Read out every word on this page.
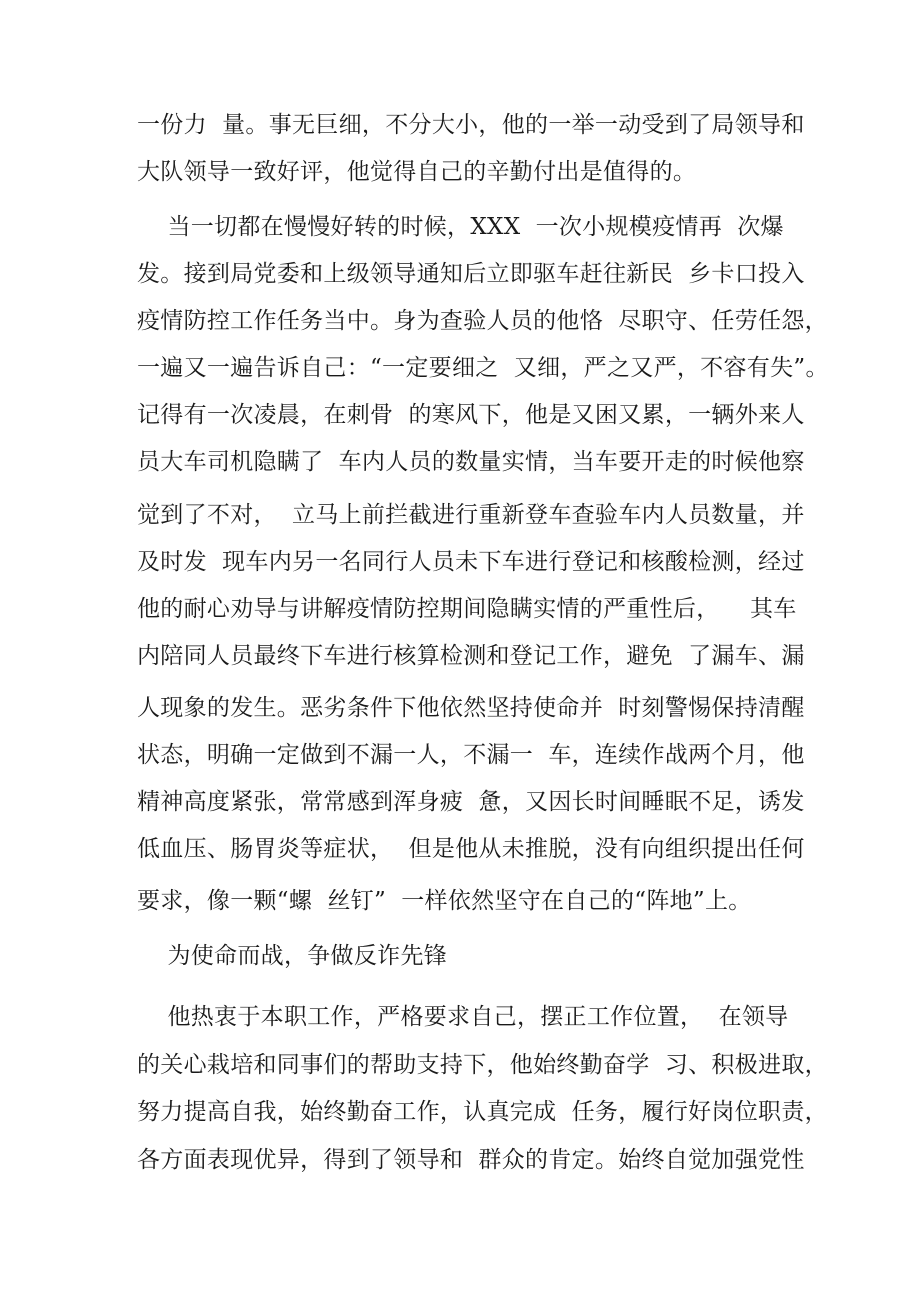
一份力  量。事无巨细，不分大小，他的一举一动受到了局领导和
大队领导一致好评，他觉得自己的辛勤付出是值得的。
当一切都在慢慢好转的时候，XXX  一次小规模疫情再  次爆
发。接到局党委和上级领导通知后立即驱车赶往新民  乡卡口投入
疫情防控工作任务当中。身为查验人员的他恪  尽职守、任劳任怨，
一遍又一遍告诉自己：“一定要细之  又细，严之又严，不容有失”。
记得有一次凌晨，在刺骨  的寒风下，他是又困又累，一辆外来人
员大车司机隐瞒了  车内人员的数量实情，当车要开走的时候他察
觉到了不对，  立马上前拦截进行重新登车查验车内人员数量，并
及时发  现车内另一名同行人员未下车进行登记和核酸检测，经过
他的耐心劝导与讲解疫情防控期间隐瞒实情的严重性后，    其车
内陪同人员最终下车进行核算检测和登记工作，避免  了漏车、漏
人现象的发生。恶劣条件下他依然坚持使命并  时刻警惕保持清醒
状态，明确一定做到不漏一人，不漏一  车，连续作战两个月，他
精神高度紧张，常常感到浑身疲  惫，又因长时间睡眠不足，诱发
低血压、肠胃炎等症状，  但是他从未推脱，没有向组织提出任何
要求，像一颗“螺  丝钉”  一样依然坚守在自己的“阵地”上。
为使命而战，争做反诈先锋
他热衷于本职工作，严格要求自己，摆正工作位置，  在领导
的关心栽培和同事们的帮助支持下，他始终勤奋学  习、积极进取，
努力提高自我，始终勤奋工作，认真完成  任务，履行好岗位职责，
各方面表现优异，得到了领导和  群众的肯定。始终自觉加强党性
